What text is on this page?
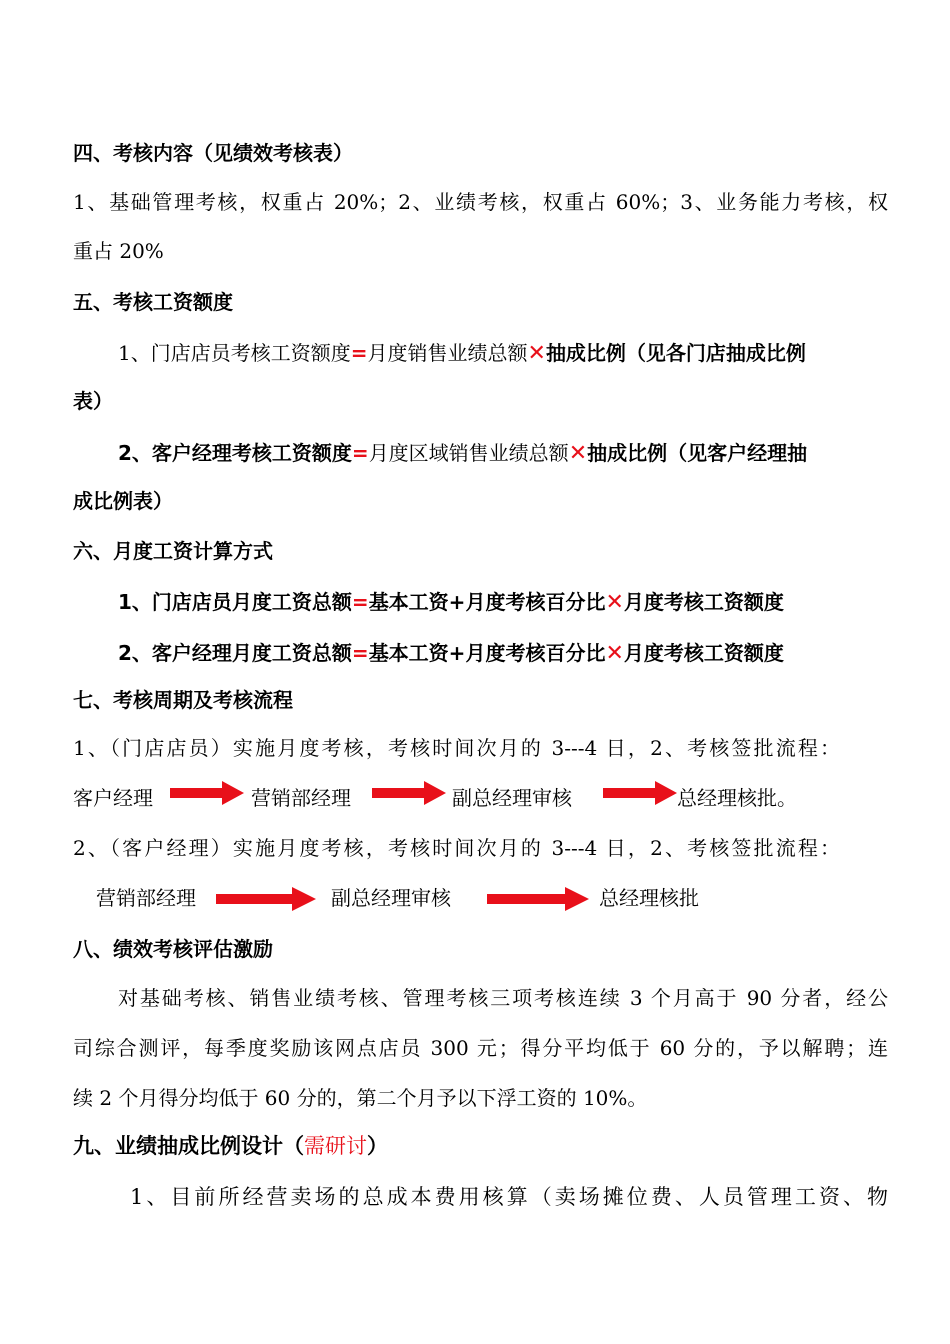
四、考核内容（见绩效考核表）
1、基础管理考核，权重占 20%；2、业绩考核，权重占 60%；3、业务能力考核，权
重占 20%
五、考核工资额度
1、门店店员考核工资额度=月度销售业绩总额✕抽成比例（见各门店抽成比例
表）
2、客户经理考核工资额度=月度区域销售业绩总额✕抽成比例（见客户经理抽
成比例表）
六、月度工资计算方式
1、门店店员月度工资总额=基本工资+月度考核百分比✕月度考核工资额度
2、客户经理月度工资总额=基本工资+月度考核百分比✕月度考核工资额度
七、考核周期及考核流程
1、（门店店员）实施月度考核，考核时间次月的 3---4 日，2、考核签批流程：
客户经理	营销部经理	副总经理审核	总经理核批。
2、（客户经理）实施月度考核，考核时间次月的 3---4 日，2、考核签批流程：
营销部经理	副总经理审核	总经理核批
八、绩效考核评估激励
对基础考核、销售业绩考核、管理考核三项考核连续 3 个月高于 90 分者，经公
司综合测评，每季度奖励该网点店员 300 元；得分平均低于 60 分的，予以解聘；连
续 2 个月得分均低于 60 分的，第二个月予以下浮工资的 10%。
九、业绩抽成比例设计（需研讨）
1、目前所经营卖场的总成本费用核算（卖场摊位费、人员管理工资、物
